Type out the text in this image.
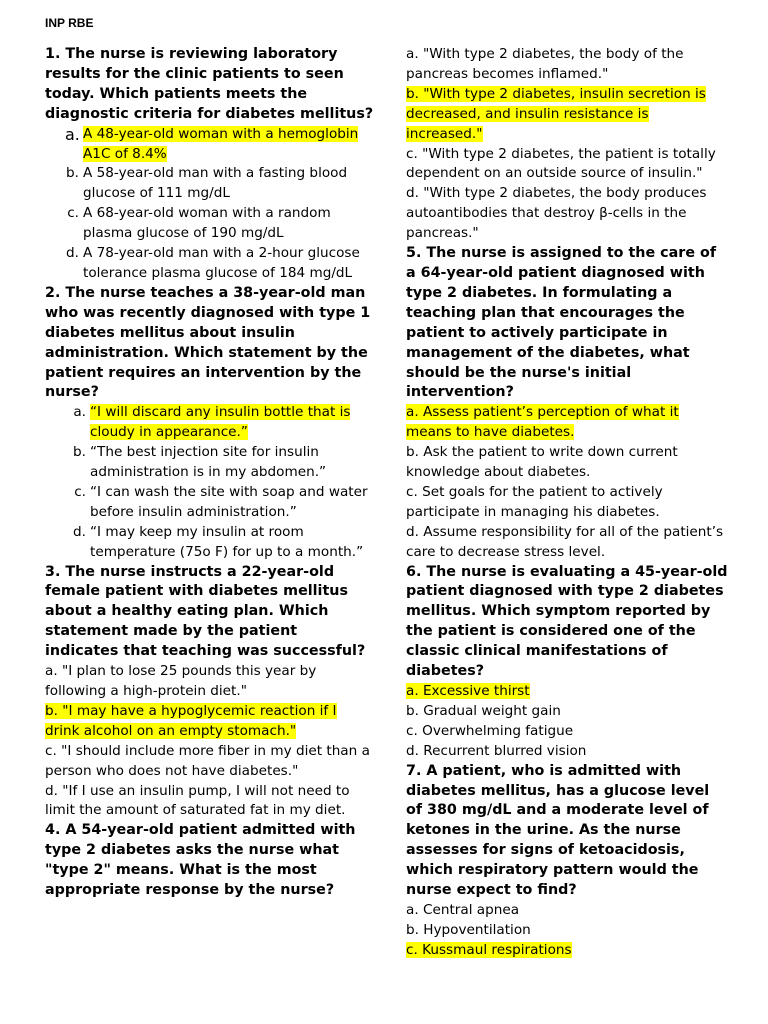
INP RBE

1. The nurse is reviewing laboratory results for the clinic patients to seen today. Which patients meets the diagnostic criteria for diabetes mellitus?

a. A 48-year-old woman with a hemoglobin A1C of 8.4%
b. A 58-year-old man with a fasting blood glucose of 111 mg/dL
c. A 68-year-old woman with a random plasma glucose of 190 mg/dL
d. A 78-year-old man with a 2-hour glucose tolerance plasma glucose of 184 mg/dL

2. The nurse teaches a 38-year-old man who was recently diagnosed with type 1 diabetes mellitus about insulin administration. Which statement by the patient requires an intervention by the nurse?

a. “I will discard any insulin bottle that is cloudy in appearance.”
b. “The best injection site for insulin administration is in my abdomen.”
c. “I can wash the site with soap and water before insulin administration.”
d. “I may keep my insulin at room temperature (75o F) for up to a month.”

3. The nurse instructs a 22-year-old female patient with diabetes mellitus about a healthy eating plan. Which statement made by the patient indicates that teaching was successful?

a. "I plan to lose 25 pounds this year by following a high-protein diet."

b. "I may have a hypoglycemic reaction if I drink alcohol on an empty stomach."

c. "I should include more fiber in my diet than a person who does not have diabetes."

d. "If I use an insulin pump, I will not need to limit the amount of saturated fat in my diet.

4. A 54-year-old patient admitted with type 2 diabetes asks the nurse what "type 2" means. What is the most appropriate response by the nurse?

a. "With type 2 diabetes, the body of the pancreas becomes inflamed."

b. "With type 2 diabetes, insulin secretion is decreased, and insulin resistance is increased."

c. "With type 2 diabetes, the patient is totally dependent on an outside source of insulin."

d. "With type 2 diabetes, the body produces autoantibodies that destroy β-cells in the pancreas."

5. The nurse is assigned to the care of a 64-year-old patient diagnosed with type 2 diabetes. In formulating a teaching plan that encourages the patient to actively participate in management of the diabetes, what should be the nurse's initial intervention?

a. Assess patient’s perception of what it means to have diabetes.

b. Ask the patient to write down current knowledge about diabetes.

c. Set goals for the patient to actively participate in managing his diabetes.

d. Assume responsibility for all of the patient’s care to decrease stress level.

6. The nurse is evaluating a 45-year-old patient diagnosed with type 2 diabetes mellitus. Which symptom reported by the patient is considered one of the classic clinical manifestations of diabetes?

a. Excessive thirst

b. Gradual weight gain

c. Overwhelming fatigue

d. Recurrent blurred vision

7. A patient, who is admitted with diabetes mellitus, has a glucose level of 380 mg/dL and a moderate level of ketones in the urine. As the nurse assesses for signs of ketoacidosis, which respiratory pattern would the nurse expect to find?

a. Central apnea

b. Hypoventilation

c. Kussmaul respirations
